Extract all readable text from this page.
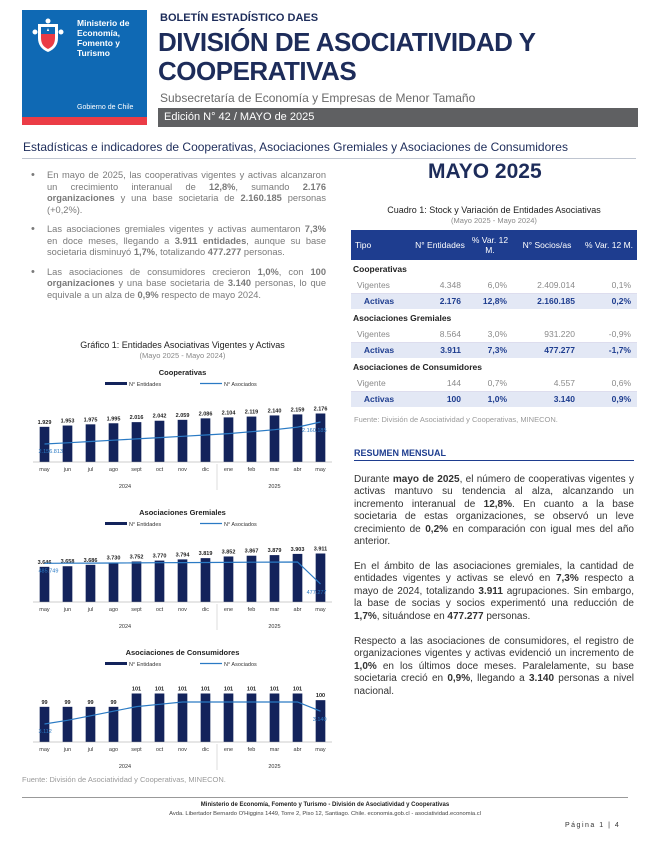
Ministerio de
Economía,
Fomento y
Turismo
Gobierno de Chile
BOLETÍN ESTADÍSTICO DAES
DIVISIÓN DE ASOCIATIVIDAD Y
COOPERATIVAS
Subsecretaría de Economía y Empresas de Menor Tamaño
Edición N° 42 / MAYO de 2025
Estadísticas e indicadores de Cooperativas, Asociaciones Gremiales y Asociaciones de Consumidores
• En mayo de 2025, las cooperativas vigentes y activas alcanzaron un crecimiento interanual de 12,8%, sumando 2.176 organizaciones y una base societaria de 2.160.185 personas (+0,2%).
• Las asociaciones gremiales vigentes y activas aumentaron 7,3% en doce meses, llegando a 3.911 entidades, aunque su base societaria disminuyó 1,7%, totalizando 477.277 personas.
• Las asociaciones de consumidores crecieron 1,0%, con 100 organizaciones y una base societaria de 3.140 personas, lo que equivale a un alza de 0,9% respecto de mayo 2024.
MAYO 2025
Cuadro 1: Stock y Variación de Entidades Asociativas
(Mayo 2025 - Mayo 2024)
Tipo	N° Entidades	% Var. 12 M.	N° Socios/as	% Var. 12 M.
Cooperativas				
Vigentes	4.348	6,0%	2.409.014	0,1%
Activas	2.176	12,8%	2.160.185	0,2%
Asociaciones Gremiales				
Vigentes	8.564	3,0%	931.220	-0,9%
Activas	3.911	7,3%	477.277	-1,7%
Asociaciones de Consumidores				
Vigente	144	0,7%	4.557	0,6%
Activas	100	1,0%	3.140	0,9%
Fuente: División de Asociatividad y Cooperativas, MINECON.
RESUMEN MENSUAL
Durante mayo de 2025, el número de cooperativas vigentes y activas mantuvo su tendencia al alza, alcanzando un incremento interanual de 12,8%. En cuanto a la base societaria de estas organizaciones, se observó un leve crecimiento de 0,2% en comparación con igual mes del año anterior.
En el ámbito de las asociaciones gremiales, la cantidad de entidades vigentes y activas se elevó en 7,3% respecto a mayo de 2024, totalizando 3.911 agrupaciones. Sin embargo, la base de socias y socios experimentó una reducción de 1,7%, situándose en 477.277 personas.
Respecto a las asociaciones de consumidores, el registro de organizaciones vigentes y activas evidenció un incremento de 1,0% en los últimos doce meses. Paralelamente, su base societaria creció en 0,9%, llegando a 3.140 personas a nivel nacional.
Gráfico 1: Entidades Asociativas Vigentes y Activas
(Mayo 2025 - Mayo 2024)
Cooperativas
N° Entidades	N° Asociados
1.929
may
1.953
jun
1.975
jul
1.995
ago
2.016
sept
2.042
oct
2.059
nov
2.086
dic
2.104
ene
2.119
feb
2.140
mar
2.159
abr
2.176
may
2024	2025
2.156.813
2.160.185
Asociaciones Gremiales
N° Entidades	N° Asociados
3.646
may
3.658
jun
3.686
jul
3.730
ago
3.752
sept
3.770
oct
3.794
nov
3.819
dic
3.852
ene
3.867
feb
3.879
mar
3.903
abr
3.911
may
2024	2025
485.749
477.277
Asociaciones de Consumidores
N° Entidades	N° Asociados
99
may
99
jun
99
jul
99
ago
101
sept
101
oct
101
nov
101
dic
101
ene
101
feb
101
mar
101
abr
100
may
2024	2025
3.112
3.140
Fuente: División de Asociatividad y Cooperativas, MINECON.
Ministerio de Economía, Fomento y Turismo - División de Asociatividad y Cooperativas
Avda. Libertador Bernardo O'Higgins 1449, Torre 2, Piso 12, Santiago. Chile. economia.gob.cl - asociatividad.economia.cl
Página 1 | 4
